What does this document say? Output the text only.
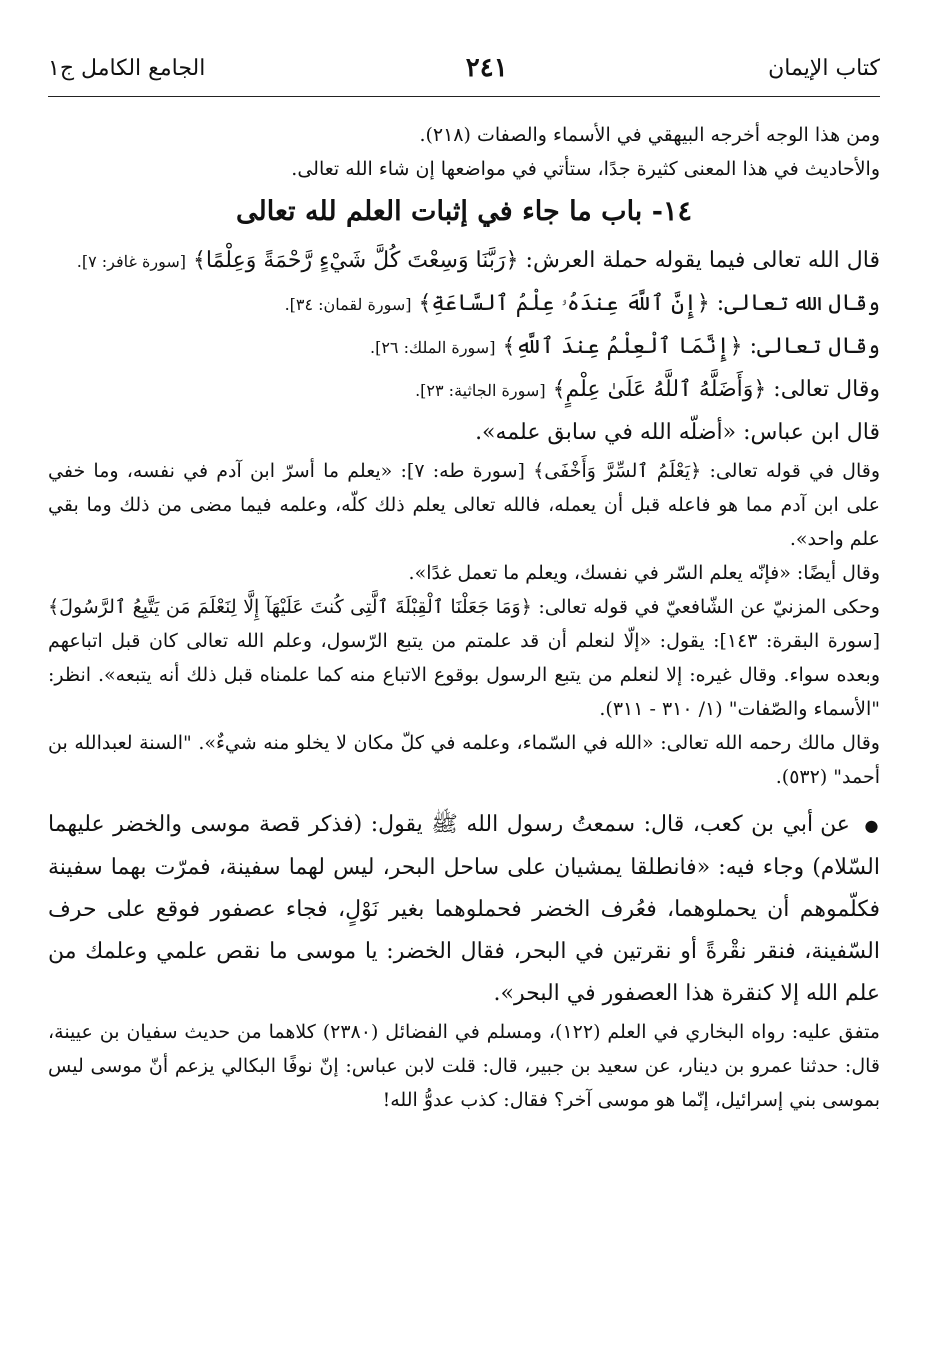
كتاب الإيمان
٢٤١
الجامع الكامل ج١

ومن هذا الوجه أخرجه البيهقي في الأسماء والصفات (٢١٨).

والأحاديث في هذا المعنى كثيرة جدًا، ستأتي في مواضعها إن شاء الله تعالى.

١٤- باب ما جاء في إثبات العلم لله تعالى

قال الله تعالى فيما يقوله حملة العرش: ﴿رَبَّنَا وَسِعْتَ كُلَّ شَيْءٍ رَّحْمَةً وَعِلْمًا﴾ [سورة غافر: ٧].

وقال الله تعالى: ﴿إِنَّ ٱللَّهَ عِندَهُۥ عِلْمُ ٱلسَّاعَةِ﴾ [سورة لقمان: ٣٤].

وقال تعالى: ﴿إِنَّمَا ٱلْعِلْمُ عِندَ ٱللَّهِ﴾ [سورة الملك: ٢٦].

وقال تعالى: ﴿وَأَضَلَّهُ ٱللَّهُ عَلَىٰ عِلْمٍ﴾ [سورة الجاثية: ٢٣].

قال ابن عباس: «أضلّه الله في سابق علمه».

وقال في قوله تعالى: ﴿يَعْلَمُ ٱلسِّرَّ وَأَخْفَى﴾ [سورة طه: ٧]: «يعلم ما أسرّ ابن آدم في نفسه، وما خفي على ابن آدم مما هو فاعله قبل أن يعمله، فالله تعالى يعلم ذلك كلّه، وعلمه فيما مضى من ذلك وما بقي علم واحد».

وقال أيضًا: «فإنّه يعلم السّر في نفسك، ويعلم ما تعمل غدًا».

وحكى المزنيّ عن الشّافعيّ في قوله تعالى: ﴿وَمَا جَعَلْنَا ٱلْقِبْلَةَ ٱلَّتِى كُنتَ عَلَيْهَآ إِلَّا لِنَعْلَمَ مَن يَتَّبِعُ ٱلرَّسُولَ﴾ [سورة البقرة: ١٤٣]: يقول: «إلّا لنعلم أن قد علمتم من يتبع الرّسول، وعلم الله تعالى كان قبل اتباعهم وبعده سواء. وقال غيره: إلا لنعلم من يتبع الرسول بوقوع الاتباع منه كما علمناه قبل ذلك أنه يتبعه». انظر: "الأسماء والصّفات" (١/ ٣١٠ - ٣١١).

وقال مالك رحمه الله تعالى: «الله في السّماء، وعلمه في كلّ مكان لا يخلو منه شيءٌ». "السنة لعبدالله بن أحمد" (٥٣٢).

● عن أبي بن كعب، قال: سمعتُ رسول الله ﷺ يقول: (فذكر قصة موسى والخضر عليهما السّلام) وجاء فيه: «فانطلقا يمشيان على ساحل البحر، ليس لهما سفينة، فمرّت بهما سفينة فكلّموهم أن يحملوهما، فعُرف الخضر فحملوهما بغير نَوْلٍ، فجاء عصفور فوقع على حرف السّفينة، فنقر نقْرةً أو نقرتين في البحر، فقال الخضر: يا موسى ما نقص علمي وعلمك من علم الله إلا كنقرة هذا العصفور في البحر».

متفق عليه: رواه البخاري في العلم (١٢٢)، ومسلم في الفضائل (٢٣٨٠) كلاهما من حديث سفيان بن عيينة، قال: حدثنا عمرو بن دينار، عن سعيد بن جبير، قال: قلت لابن عباس: إنّ نوفًا البكالي يزعم أنّ موسى ليس بموسى بني إسرائيل، إنّما هو موسى آخر؟ فقال: كذب عدوُّ الله!
